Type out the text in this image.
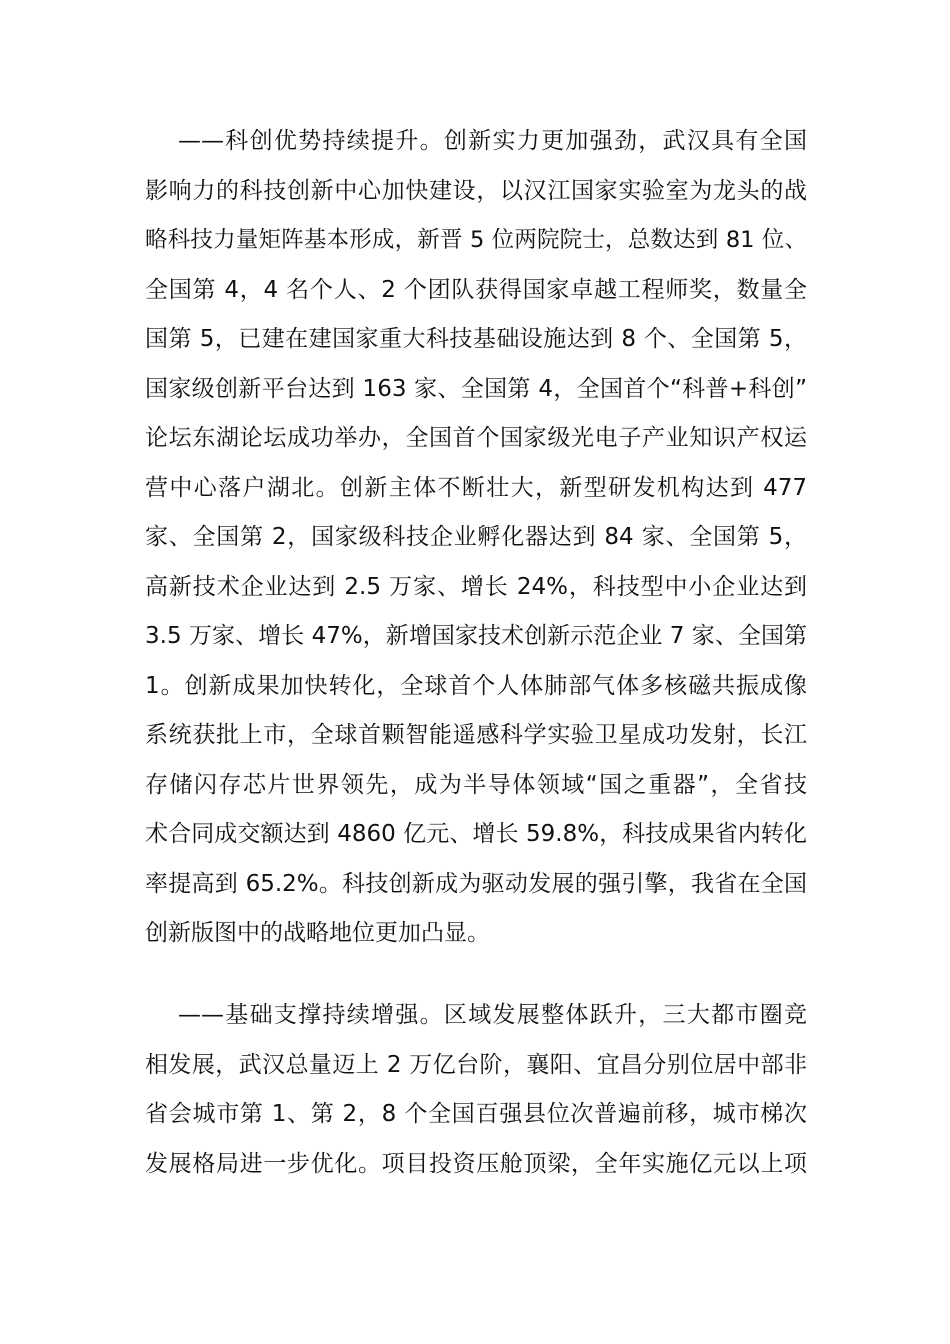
——科创优势持续提升。创新实力更加强劲，武汉具有全国
影响力的科技创新中心加快建设，以汉江国家实验室为龙头的战
略科技力量矩阵基本形成，新晋 5 位两院院士，总数达到 81 位、
全国第 4，4 名个人、2 个团队获得国家卓越工程师奖，数量全
国第 5，已建在建国家重大科技基础设施达到 8 个、全国第 5，
国家级创新平台达到 163 家、全国第 4，全国首个“科普+科创”
论坛东湖论坛成功举办，全国首个国家级光电子产业知识产权运
营中心落户湖北。创新主体不断壮大，新型研发机构达到 477
家、全国第 2，国家级科技企业孵化器达到 84 家、全国第 5，
高新技术企业达到 2.5 万家、增长 24%，科技型中小企业达到
3.5 万家、增长 47%，新增国家技术创新示范企业 7 家、全国第
1。创新成果加快转化，全球首个人体肺部气体多核磁共振成像
系统获批上市，全球首颗智能遥感科学实验卫星成功发射，长江
存储闪存芯片世界领先，成为半导体领域“国之重器”，全省技
术合同成交额达到 4860 亿元、增长 59.8%，科技成果省内转化
率提高到 65.2%。科技创新成为驱动发展的强引擎，我省在全国
创新版图中的战略地位更加凸显。
——基础支撑持续增强。区域发展整体跃升，三大都市圈竞
相发展，武汉总量迈上 2 万亿台阶，襄阳、宜昌分别位居中部非
省会城市第 1、第 2，8 个全国百强县位次普遍前移，城市梯次
发展格局进一步优化。项目投资压舱顶梁，全年实施亿元以上项
